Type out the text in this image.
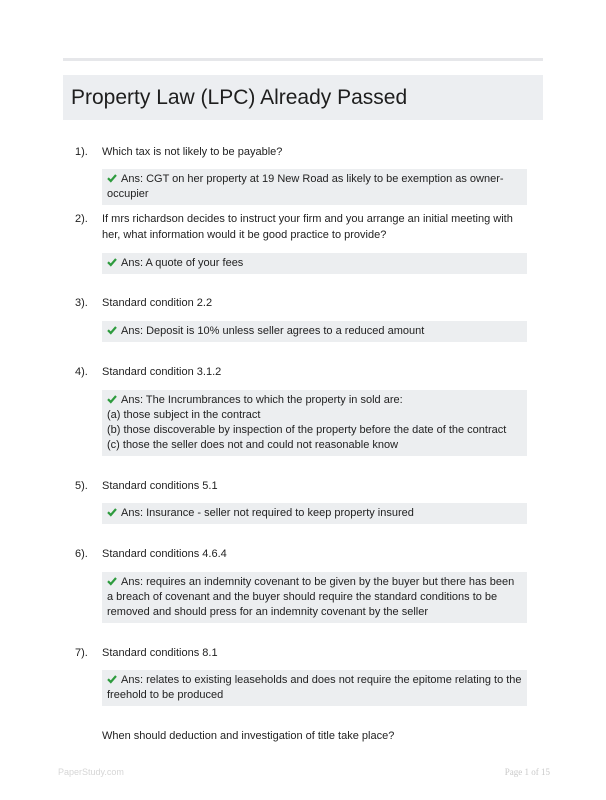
Property Law (LPC) Already Passed
1). Which tax is not likely to be payable?
Ans: CGT on her property at 19 New Road as likely to be exemption as owner-occupier
2). If mrs richardson decides to instruct your firm and you arrange an initial meeting with her, what information would it be good practice to provide?
Ans: A quote of your fees
3). Standard condition 2.2
Ans: Deposit is 10% unless seller agrees to a reduced amount
4). Standard condition 3.1.2
Ans: The Incrumbrances to which the property in sold are:
(a) those subject in the contract
(b) those discoverable by inspection of the property before the date of the contract
(c) those the seller does not and could not reasonable know
5). Standard conditions 5.1
Ans: Insurance - seller not required to keep property insured
6). Standard conditions 4.6.4
Ans: requires an indemnity covenant to be given by the buyer but there has been a breach of covenant and the buyer should require the standard conditions to be removed and should press for an indemnity covenant by the seller
7). Standard conditions 8.1
Ans: relates to existing leaseholds and does not require the epitome relating to the freehold to be produced
When should deduction and investigation of title take place?
PaperStudy.com	Page 1 of 15
